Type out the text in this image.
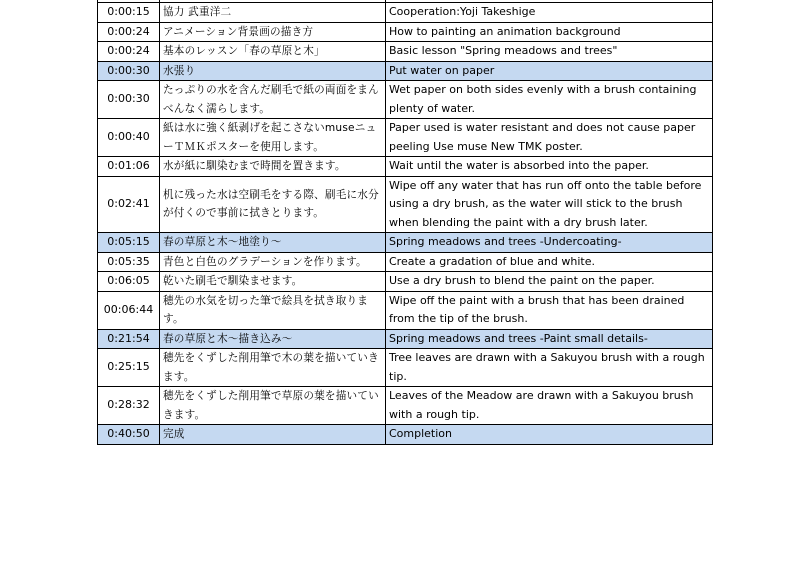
0:00:15	協力 武重洋二	Cooperation:Yoji Takeshige
0:00:24	アニメーション背景画の描き方	How to painting an animation background
0:00:24	基本のレッスン「春の草原と木」	Basic lesson "Spring meadows and trees"
0:00:30	水張り	Put water on paper
0:00:30	たっぷりの水を含んだ刷毛で紙の両面をまんべんなく濡らします。	Wet paper on both sides evenly with a brush containing plenty of water.
0:00:40	紙は水に強く紙剥げを起こさないmuseニューＴＭＫポスターを使用します。	Paper used is water resistant and does not cause paper peeling Use muse New TMK poster.
0:01:06	水が紙に馴染むまで時間を置きます。	Wait until the water is absorbed into the paper.
0:02:41	机に残った水は空刷毛をする際、刷毛に水分が付くので事前に拭きとります。	Wipe off any water that has run off onto the table before using a dry brush, as the water will stick to the brush when blending the paint with a dry brush later.
0:05:15	春の草原と木～地塗り～	Spring meadows and trees -Undercoating-
0:05:35	青色と白色のグラデーションを作ります。	Create a gradation of blue and white.
0:06:05	乾いた刷毛で馴染ませます。	Use a dry brush to blend the paint on the paper.
00:06:44	穂先の水気を切った筆で絵具を拭き取ります。	Wipe off the paint with a brush that has been drained from the tip of the brush.
0:21:54	春の草原と木～描き込み～	Spring meadows and trees -Paint small details-
0:25:15	穂先をくずした削用筆で木の葉を描いていきます。	Tree leaves are drawn with a Sakuyou brush with a rough tip.
0:28:32	穂先をくずした削用筆で草原の葉を描いていきます。	Leaves of the Meadow are drawn with a Sakuyou brush with a rough tip.
0:40:50	完成	Completion
